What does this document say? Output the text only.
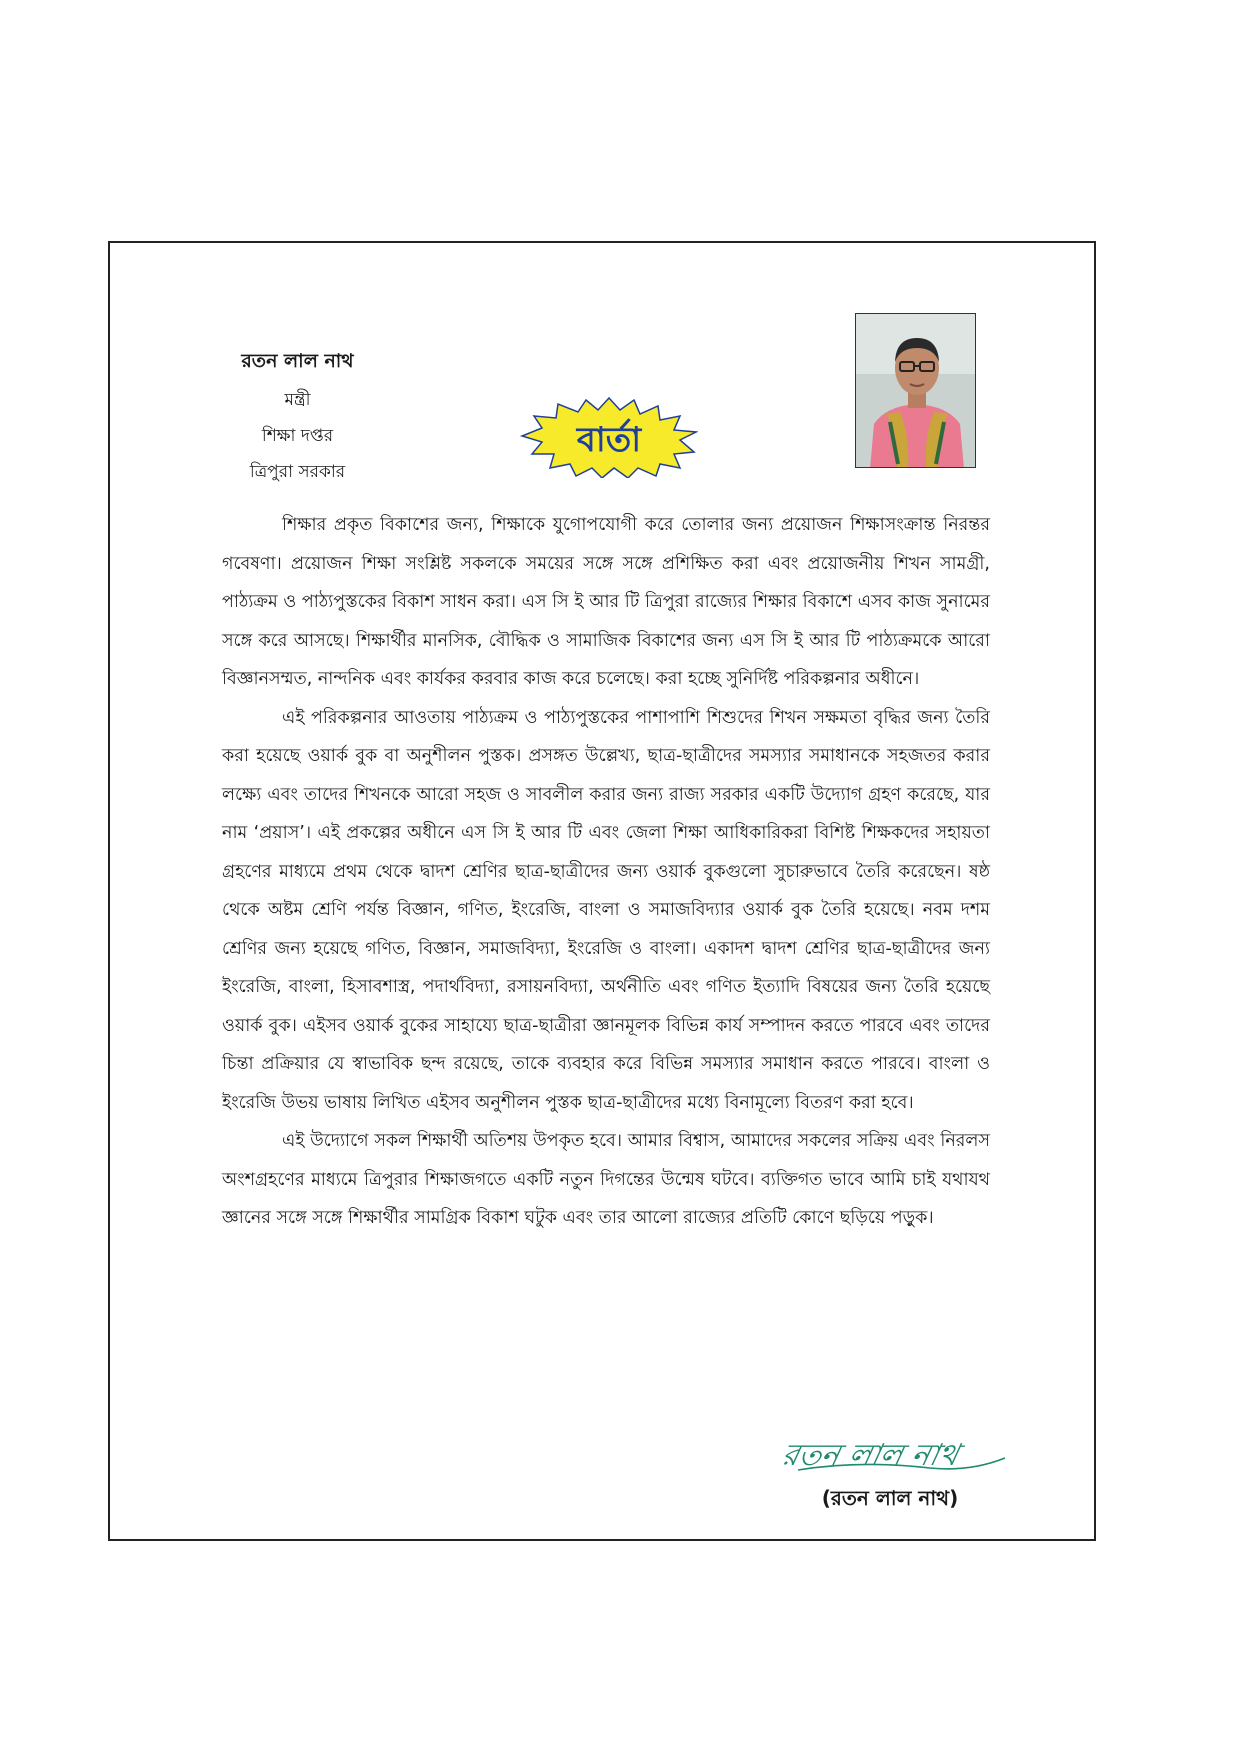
রতন লাল নাথ
মন্ত্রী
শিক্ষা দপ্তর
ত্রিপুরা সরকার
বার্তা

শিক্ষার প্রকৃত বিকাশের জন্য, শিক্ষাকে যুগোপযোগী করে তোলার জন্য প্রয়োজন শিক্ষাসংক্রান্ত নিরন্তর গবেষণা। প্রয়োজন শিক্ষা সংশ্লিষ্ট সকলকে সময়ের সঙ্গে সঙ্গে প্রশিক্ষিত করা এবং প্রয়োজনীয় শিখন সামগ্রী, পাঠ্যক্রম ও পাঠ্যপুস্তকের বিকাশ সাধন করা। এস সি ই আর টি ত্রিপুরা রাজ্যের শিক্ষার বিকাশে এসব কাজ সুনামের সঙ্গে করে আসছে। শিক্ষার্থীর মানসিক, বৌদ্ধিক ও সামাজিক বিকাশের জন্য এস সি ই আর টি পাঠ্যক্রমকে আরো বিজ্ঞানসম্মত, নান্দনিক এবং কার্যকর করবার কাজ করে চলেছে। করা হচ্ছে সুনির্দিষ্ট পরিকল্পনার অধীনে।

এই পরিকল্পনার আওতায় পাঠ্যক্রম ও পাঠ্যপুস্তকের পাশাপাশি শিশুদের শিখন সক্ষমতা বৃদ্ধির জন্য তৈরি করা হয়েছে ওয়ার্ক বুক বা অনুশীলন পুস্তক। প্রসঙ্গত উল্লেখ্য, ছাত্র-ছাত্রীদের সমস্যার সমাধানকে সহজতর করার লক্ষ্যে এবং তাদের শিখনকে আরো সহজ ও সাবলীল করার জন্য রাজ্য সরকার একটি উদ্যোগ গ্রহণ করেছে, যার নাম ‘প্রয়াস’। এই প্রকল্পের অধীনে এস সি ই আর টি এবং জেলা শিক্ষা আধিকারিকরা বিশিষ্ট শিক্ষকদের সহায়তা গ্রহণের মাধ্যমে প্রথম থেকে দ্বাদশ শ্রেণির ছাত্র-ছাত্রীদের জন্য ওয়ার্ক বুকগুলো সুচারুভাবে তৈরি করেছেন। ষষ্ঠ থেকে অষ্টম শ্রেণি পর্যন্ত বিজ্ঞান, গণিত, ইংরেজি, বাংলা ও সমাজবিদ্যার ওয়ার্ক বুক তৈরি হয়েছে। নবম দশম শ্রেণির জন্য হয়েছে গণিত, বিজ্ঞান, সমাজবিদ্যা, ইংরেজি ও বাংলা। একাদশ দ্বাদশ শ্রেণির ছাত্র-ছাত্রীদের জন্য ইংরেজি, বাংলা, হিসাবশাস্ত্র, পদার্থবিদ্যা, রসায়নবিদ্যা, অর্থনীতি এবং গণিত ইত্যাদি বিষয়ের জন্য তৈরি হয়েছে ওয়ার্ক বুক। এইসব ওয়ার্ক বুকের সাহায্যে ছাত্র-ছাত্রীরা জ্ঞানমূলক বিভিন্ন কার্য সম্পাদন করতে পারবে এবং তাদের চিন্তা প্রক্রিয়ার যে স্বাভাবিক ছন্দ রয়েছে, তাকে ব্যবহার করে বিভিন্ন সমস্যার সমাধান করতে পারবে। বাংলা ও ইংরেজি উভয় ভাষায় লিখিত এইসব অনুশীলন পুস্তক ছাত্র-ছাত্রীদের মধ্যে বিনামূল্যে বিতরণ করা হবে।

এই উদ্যোগে সকল শিক্ষার্থী অতিশয় উপকৃত হবে। আমার বিশ্বাস, আমাদের সকলের সক্রিয় এবং নিরলস অংশগ্রহণের মাধ্যমে ত্রিপুরার শিক্ষাজগতে একটি নতুন দিগন্তের উন্মেষ ঘটবে। ব্যক্তিগত ভাবে আমি চাই যথাযথ জ্ঞানের সঙ্গে সঙ্গে শিক্ষার্থীর সামগ্রিক বিকাশ ঘটুক এবং তার আলো রাজ্যের প্রতিটি কোণে ছড়িয়ে পড়ুক।

রতন লাল নাথ
(রতন লাল নাথ)
